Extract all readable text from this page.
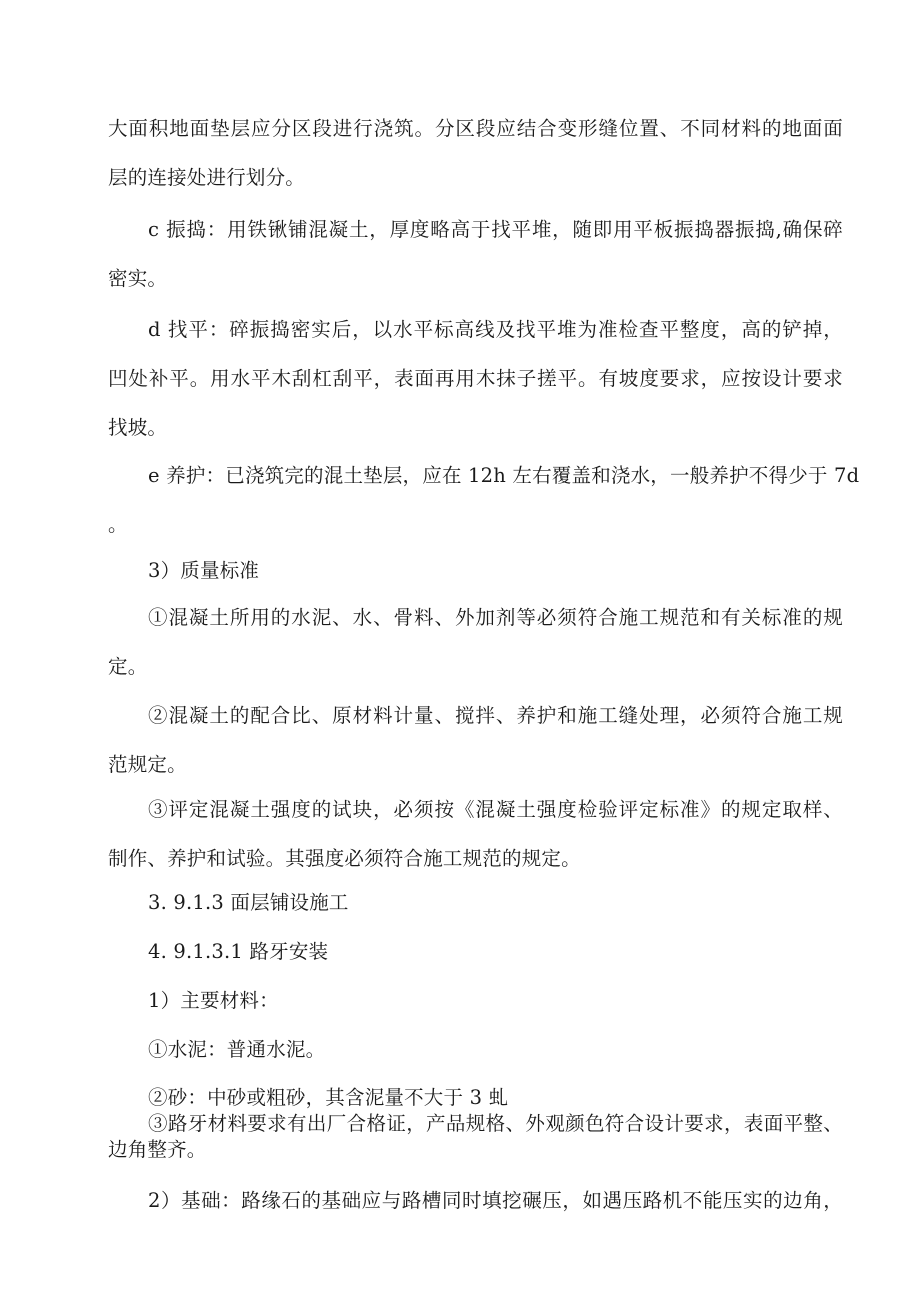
大面积地面垫层应分区段进行浇筑。分区段应结合变形缝位置、不同材料的地面面
层的连接处进行划分。
c 振捣：用铁锹铺混凝土，厚度略高于找平堆，随即用平板振捣器振捣,确保碎
密实。
d 找平：碎振捣密实后，以水平标高线及找平堆为准检查平整度，高的铲掉，
凹处补平。用水平木刮杠刮平，表面再用木抹子搓平。有坡度要求，应按设计要求
找坡。
e 养护：已浇筑完的混土垫层，应在 12h 左右覆盖和浇水，一般养护不得少于 7d
。
3）质量标准
①混凝土所用的水泥、水、骨料、外加剂等必须符合施工规范和有关标准的规
定。
②混凝土的配合比、原材料计量、搅拌、养护和施工缝处理，必须符合施工规
范规定。
③评定混凝土强度的试块，必须按《混凝土强度检验评定标准》的规定取样、
制作、养护和试验。其强度必须符合施工规范的规定。
3. 9.1.3 面层铺设施工
4. 9.1.3.1 路牙安装
1）主要材料：
①水泥：普通水泥。
②砂：中砂或粗砂，其含泥量不大于 3 虬
③路牙材料要求有出厂合格证，产品规格、外观颜色符合设计要求，表面平整、
边角整齐。
2）基础：路缘石的基础应与路槽同时填挖碾压，如遇压路机不能压实的边角，
